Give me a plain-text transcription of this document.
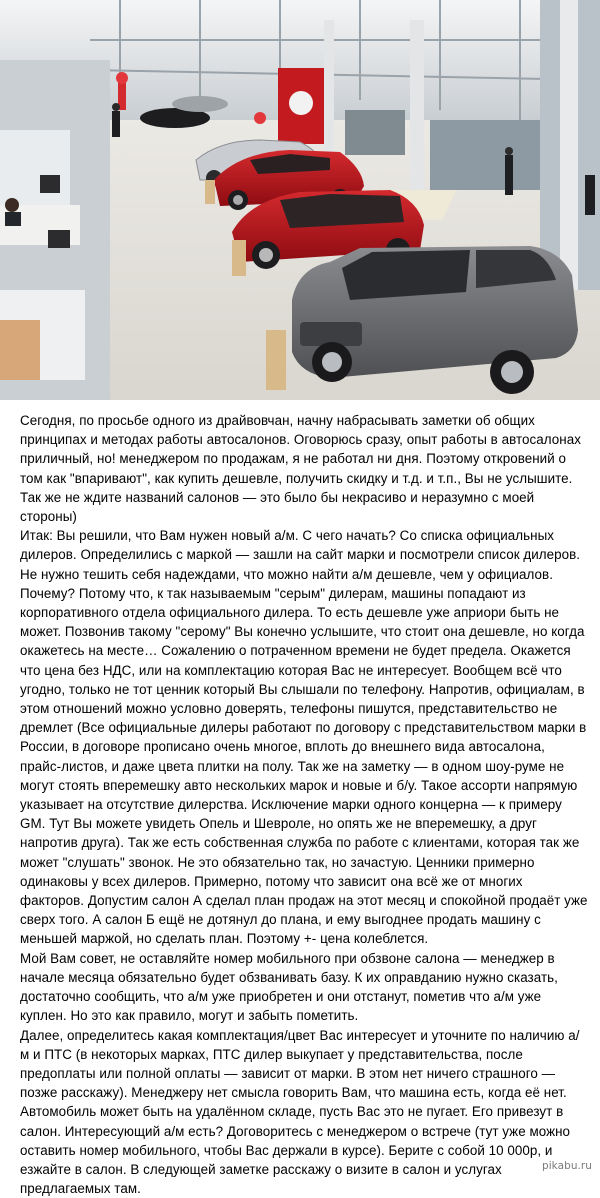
Сегодня, по просьбе одного из драйвовчан, начну набрасывать заметки об общих принципах и методах работы автосалонов. Оговорюсь сразу, опыт работы в автосалонах приличный, но! менеджером по продажам, я не работал ни дня. Поэтому откровений о том как "впаривают", как купить дешевле, получить скидку и т.д. и т.п., Вы не услышите. Так же не ждите названий салонов — это было бы некрасиво и неразумно с моей стороны)

Итак: Вы решили, что Вам нужен новый а/м. С чего начать? Со списка официальных дилеров. Определились с маркой — зашли на сайт марки и посмотрели список дилеров. Не нужно тешить себя надеждами, что можно найти а/м дешевле, чем у официалов. Почему? Потому что, к так называемым "серым" дилерам, машины попадают из корпоративного отдела официального дилера. То есть дешевле уже априори быть не может. Позвонив такому "серому" Вы конечно услышите, что стоит она дешевле, но когда окажетесь на месте… Сожалению о потраченном времени не будет предела. Окажется что цена без НДС, или на комплектацию которая Вас не интересует. Вообщем всё что угодно, только не тот ценник который Вы слышали по телефону. Напротив, официалам, в этом отношений можно условно доверять, телефоны пишутся, представительство не дремлет (Все официальные дилеры работают по договору с представительством марки в России, в договоре прописано очень многое, вплоть до внешнего вида автосалона, прайс-листов, и даже цвета плитки на полу. Так же на заметку — в одном шоу-руме не могут стоять вперемешку авто нескольких марок и новые и б/у. Такое ассорти напрямую указывает на отсутствие дилерства. Исключение марки одного концерна — к примеру GM. Тут Вы можете увидеть Опель и Шевроле, но опять же не вперемешку, а друг напротив друга). Так же есть собственная служба по работе с клиентами, которая так же может "слушать" звонок. Не это обязательно так, но зачастую. Ценники примерно одинаковы у всех дилеров. Примерно, потому что зависит она всё же от многих факторов. Допустим салон А сделал план продаж на этот месяц и спокойной продаёт уже сверх того. А салон Б ещё не дотянул до плана, и ему выгоднее продать машину с меньшей маржой, но сделать план. Поэтому +- цена колеблется.

Мой Вам совет, не оставляйте номер мобильного при обзвоне салона — менеджер в начале месяца обязательно будет обзванивать базу. К их оправданию нужно сказать, достаточно сообщить, что а/м уже приобретен и они отстанут, пометив что а/м уже куплен. Но это как правило, могут и забыть пометить.

Далее, определитесь какая комплектация/цвет Вас интересует и уточните по наличию а/м и ПТС (в некоторых марках, ПТС дилер выкупает у представительства, после предоплаты или полной оплаты — зависит от марки. В этом нет ничего страшного — позже расскажу). Менеджеру нет смысла говорить Вам, что машина есть, когда её нет. Автомобиль может быть на удалённом складе, пусть Вас это не пугает. Его привезут в салон. Интересующий а/м есть? Договоритесь с менеджером о встрече (тут уже можно оставить номер мобильного, чтобы Вас держали в курсе). Берите с собой 10 000р, и езжайте в салон. В следующей заметке расскажу о визите в салон и услугах предлагаемых там.

pikabu.ru
